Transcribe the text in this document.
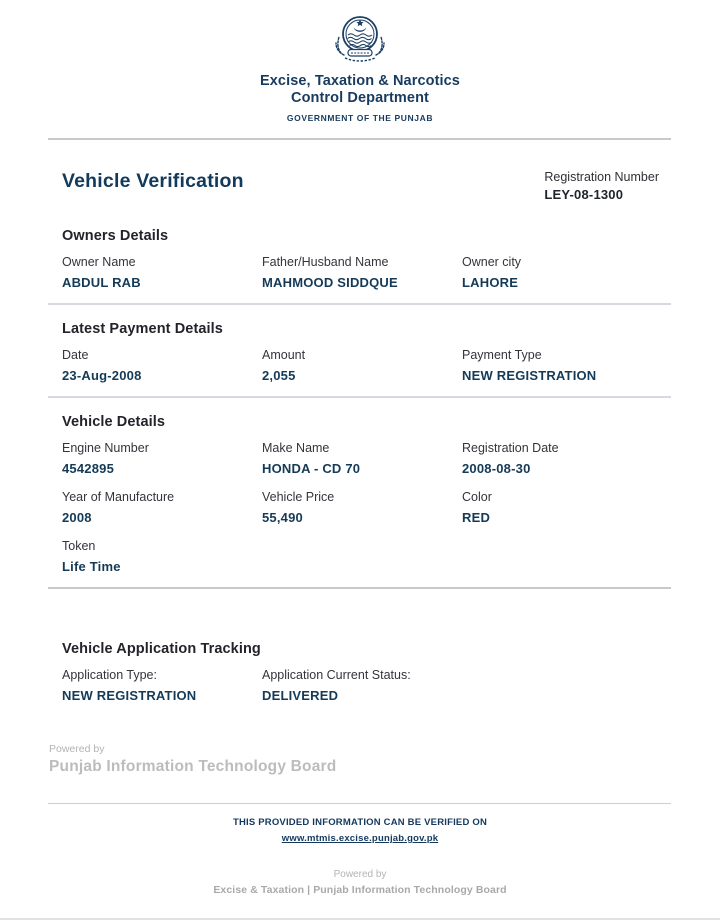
Excise, Taxation & Narcotics
Control Department
GOVERNMENT OF THE PUNJAB
Vehicle Verification	Registration Number
LEY-08-1300
Owners Details
Owner Name
ABDUL RAB
Father/Husband Name
MAHMOOD SIDDQUE
Owner city
LAHORE
Latest Payment Details
Date
23-Aug-2008
Amount
2,055
Payment Type
NEW REGISTRATION
Vehicle Details
Engine Number
4542895
Make Name
HONDA - CD 70
Registration Date
2008-08-30
Year of Manufacture
2008
Vehicle Price
55,490
Color
RED
Token
Life Time
Vehicle Application Tracking
Application Type:
NEW REGISTRATION
Application Current Status:
DELIVERED
Powered by
Punjab Information Technology Board
THIS PROVIDED INFORMATION CAN BE VERIFIED ON
www.mtmis.excise.punjab.gov.pk
Powered by
Excise & Taxation | Punjab Information Technology Board
